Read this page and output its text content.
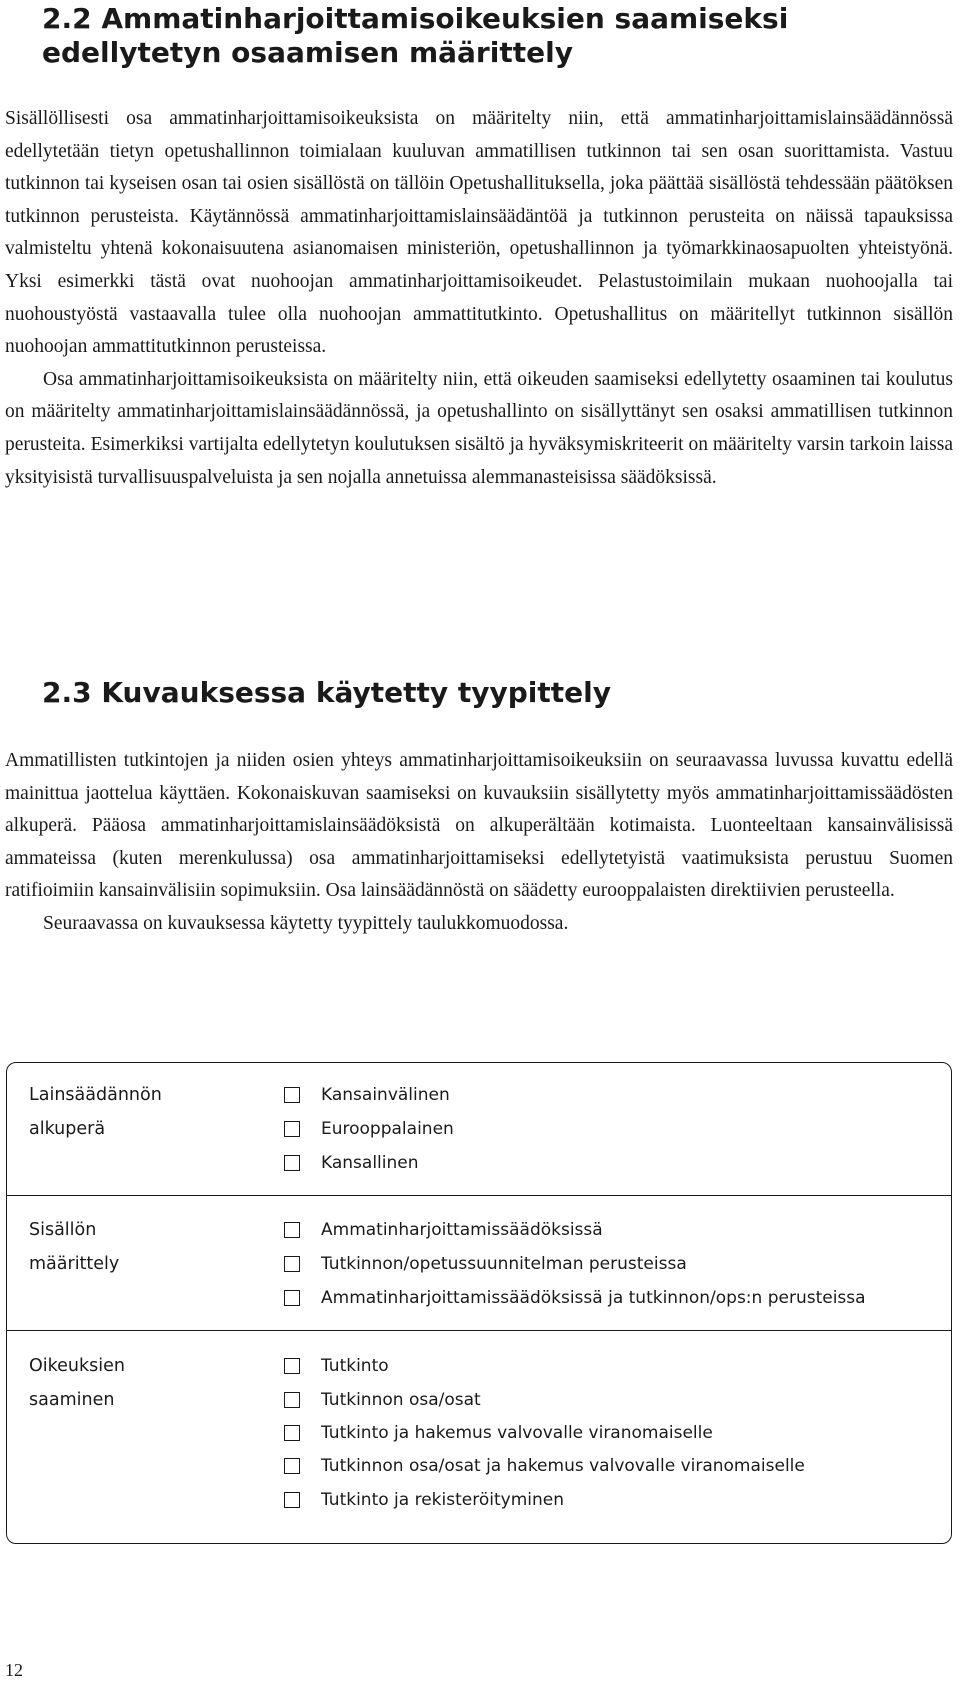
2.2 Ammatinharjoittamisoikeuksien saamiseksi
edellytetyn osaamisen määrittely

Sisällöllisesti osa ammatinharjoittamisoikeuksista on määritelty niin, että ammatinharjoittamislainsäädännössä edellytetään tietyn opetushallinnon toimialaan kuuluvan ammatillisen tutkinnon tai sen osan suorittamista. Vastuu tutkinnon tai kyseisen osan tai osien sisällöstä on tällöin Opetushallituksella, joka päättää sisällöstä tehdessään päätöksen tutkinnon perusteista. Käytännössä ammatinharjoittamislainsäädäntöä ja tutkinnon perusteita on näissä tapauksissa valmisteltu yhtenä kokonaisuutena asianomaisen ministeriön, opetushallinnon ja työmarkkinaosapuolten yhteistyönä. Yksi esimerkki tästä ovat nuohoojan ammatinharjoittamisoikeudet. Pelastustoimilain mukaan nuohoojalla tai nuohoustyöstä vastaavalla tulee olla nuohoojan ammattitutkinto. Opetushallitus on määritellyt tutkinnon sisällön nuohoojan ammattitutkinnon perusteissa.

Osa ammatinharjoittamisoikeuksista on määritelty niin, että oikeuden saamiseksi edellytetty osaaminen tai koulutus on määritelty ammatinharjoittamislainsäädännössä, ja opetushallinto on sisällyttänyt sen osaksi ammatillisen tutkinnon perusteita. Esimerkiksi vartijalta edellytetyn koulutuksen sisältö ja hyväksymiskriteerit on määritelty varsin tarkoin laissa yksityisistä turvallisuuspalveluista ja sen nojalla annetuissa alemmanasteisissa säädöksissä.

2.3 Kuvauksessa käytetty tyypittely

Ammatillisten tutkintojen ja niiden osien yhteys ammatinharjoittamisoikeuksiin on seuraavassa luvussa kuvattu edellä mainittua jaottelua käyttäen. Kokonaiskuvan saamiseksi on kuvauksiin sisällytetty myös ammatinharjoittamissäädösten alkuperä. Pääosa ammatinharjoittamislainsäädöksistä on alkuperältään kotimaista. Luonteeltaan kansainvälisissä ammateissa (kuten merenkulussa) osa ammatinharjoittamiseksi edellytetyistä vaatimuksista perustuu Suomen ratifioimiin kansainvälisiin sopimuksiin. Osa lainsäädännöstä on säädetty eurooppalaisten direktiivien perusteella.

Seuraavassa on kuvauksessa käytetty tyypittely taulukkomuodossa.

Lainsäädännön
alkuperä
Kansainvälinen
Eurooppalainen
Kansallinen
Sisällön
määrittely
Ammatinharjoittamissäädöksissä
Tutkinnon/opetussuunnitelman perusteissa
Ammatinharjoittamissäädöksissä ja tutkinnon/ops:n perusteissa
Oikeuksien
saaminen
Tutkinto
Tutkinnon osa/osat
Tutkinto ja hakemus valvovalle viranomaiselle
Tutkinnon osa/osat ja hakemus valvovalle viranomaiselle
Tutkinto ja rekisteröityminen
12
